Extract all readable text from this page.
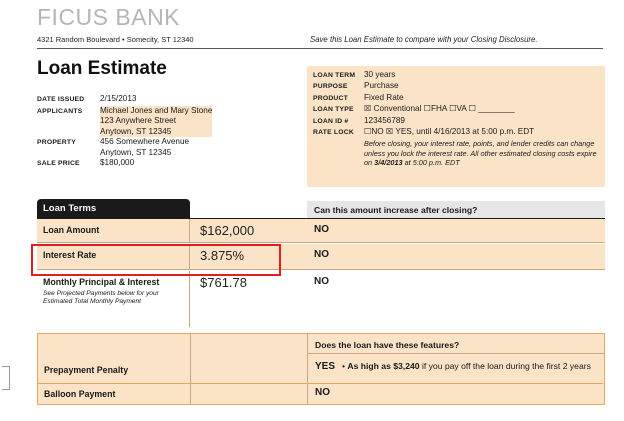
FICUS BANK
4321 Random Boulevard • Somecity, ST 12340	Save this Loan Estimate to compare with your Closing Disclosure.
Loan Estimate
DATE ISSUED	2/15/2013
APPLICANTS	Michael Jones and Mary Stone
123 Anywhere Street
Anytown, ST 12345
PROPERTY	456 Somewhere Avenue
Anytown, ST 12345
SALE PRICE	$180,000
LOAN TERM	30 years
PURPOSE	Purchase
PRODUCT	Fixed Rate
LOAN TYPE	☒ Conventional ☐FHA ☐VA ☐ ________
LOAN ID #	123456789
RATE LOCK	☐NO ☒ YES, until 4/16/2013 at 5:00 p.m. EDT
Before closing, your interest rate, points, and lender credits can change unless you lock the interest rate. All other estimated closing costs expire on 3/4/2013 at 5:00 p.m. EDT
Loan Terms	Can this amount increase after closing?
Loan Amount	$162,000	NO
Interest Rate	3.875%	NO
Monthly Principal & Interest
See Projected Payments below for your Estimated Total Monthly Payment
$761.78	NO
Does the loan have these features?
Prepayment Penalty	YES • As high as $3,240 if you pay off the loan during the first 2 years
Balloon Payment	NO
